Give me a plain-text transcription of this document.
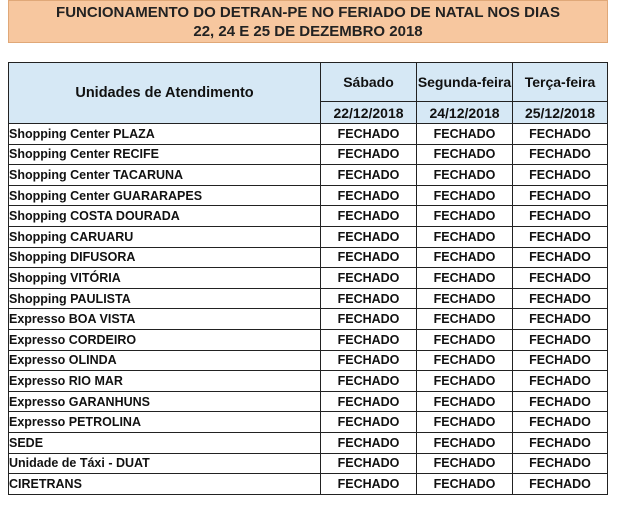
FUNCIONAMENTO DO DETRAN-PE NO FERIADO DE NATAL NOS DIAS
22, 24 E 25 DE DEZEMBRO 2018
Unidades de Atendimento	Sábado	Segunda-feira	Terça-feira
	22/12/2018	24/12/2018	25/12/2018
Shopping Center PLAZA	FECHADO	FECHADO	FECHADO
Shopping Center RECIFE	FECHADO	FECHADO	FECHADO
Shopping Center TACARUNA	FECHADO	FECHADO	FECHADO
Shopping Center GUARARAPES	FECHADO	FECHADO	FECHADO
Shopping COSTA DOURADA	FECHADO	FECHADO	FECHADO
Shopping CARUARU	FECHADO	FECHADO	FECHADO
Shopping DIFUSORA	FECHADO	FECHADO	FECHADO
Shopping VITÓRIA	FECHADO	FECHADO	FECHADO
Shopping PAULISTA	FECHADO	FECHADO	FECHADO
Expresso BOA VISTA	FECHADO	FECHADO	FECHADO
Expresso CORDEIRO	FECHADO	FECHADO	FECHADO
Expresso OLINDA	FECHADO	FECHADO	FECHADO
Expresso RIO MAR	FECHADO	FECHADO	FECHADO
Expresso GARANHUNS	FECHADO	FECHADO	FECHADO
Expresso PETROLINA	FECHADO	FECHADO	FECHADO
SEDE	FECHADO	FECHADO	FECHADO
Unidade de Táxi - DUAT	FECHADO	FECHADO	FECHADO
CIRETRANS	FECHADO	FECHADO	FECHADO
